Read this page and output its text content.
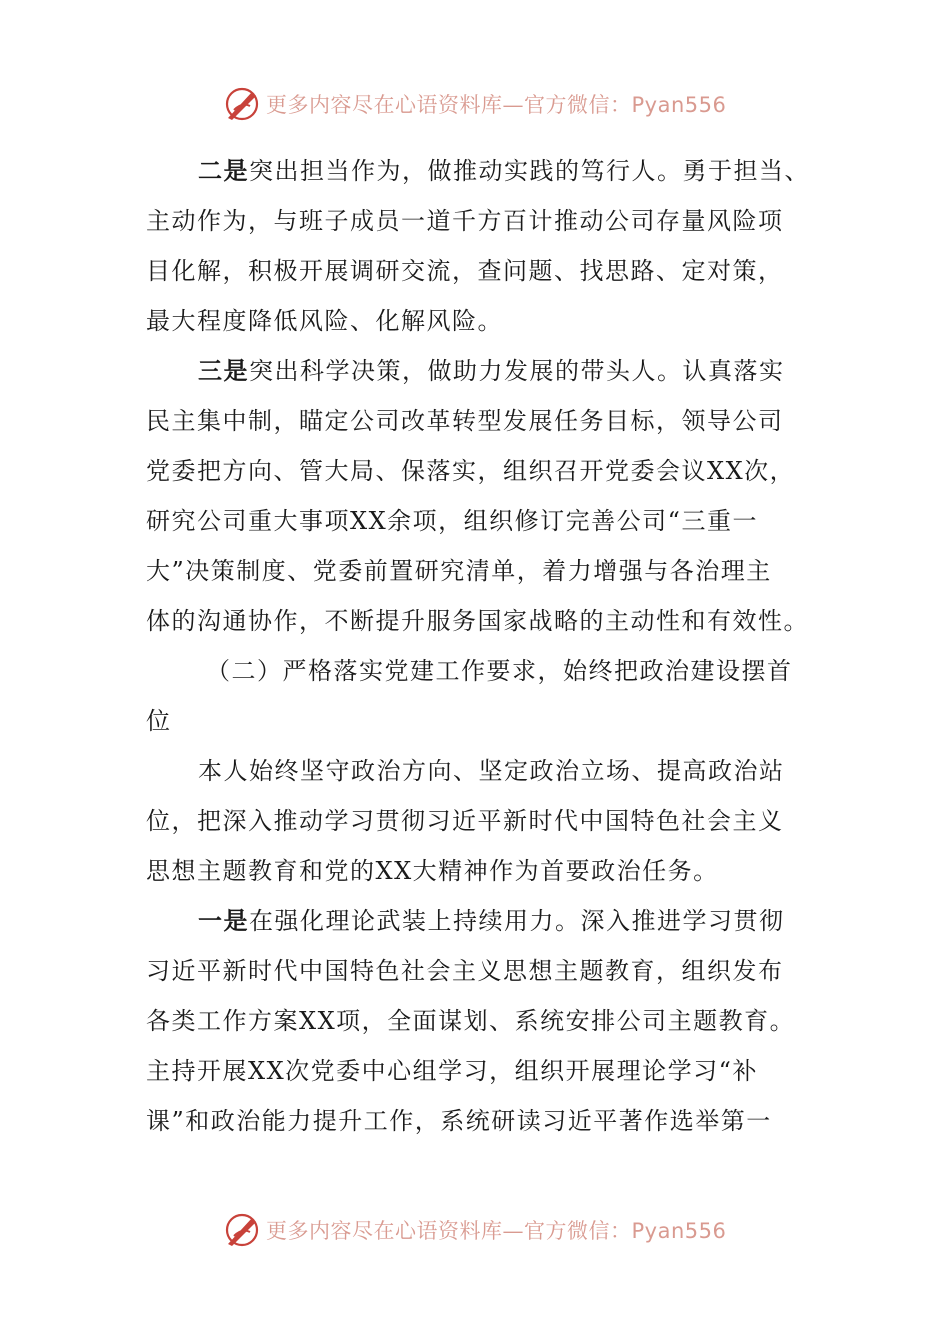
更多内容尽在心语资料库—官方微信：Pyan556
二是突出担当作为，做推动实践的笃行人。勇于担当、
主动作为，与班子成员一道千方百计推动公司存量风险项
目化解，积极开展调研交流，查问题、找思路、定对策，
最大程度降低风险、化解风险。
三是突出科学决策，做助力发展的带头人。认真落实
民主集中制，瞄定公司改革转型发展任务目标，领导公司
党委把方向、管大局、保落实，组织召开党委会议XX次，
研究公司重大事项XX余项，组织修订完善公司“三重一
大”决策制度、党委前置研究清单，着力增强与各治理主
体的沟通协作，不断提升服务国家战略的主动性和有效性。
（二）严格落实党建工作要求，始终把政治建设摆首
位
本人始终坚守政治方向、坚定政治立场、提高政治站
位，把深入推动学习贯彻习近平新时代中国特色社会主义
思想主题教育和党的XX大精神作为首要政治任务。
一是在强化理论武装上持续用力。深入推进学习贯彻
习近平新时代中国特色社会主义思想主题教育，组织发布
各类工作方案XX项，全面谋划、系统安排公司主题教育。
主持开展XX次党委中心组学习，组织开展理论学习“补
课”和政治能力提升工作，系统研读习近平著作选举第一
更多内容尽在心语资料库—官方微信：Pyan556
